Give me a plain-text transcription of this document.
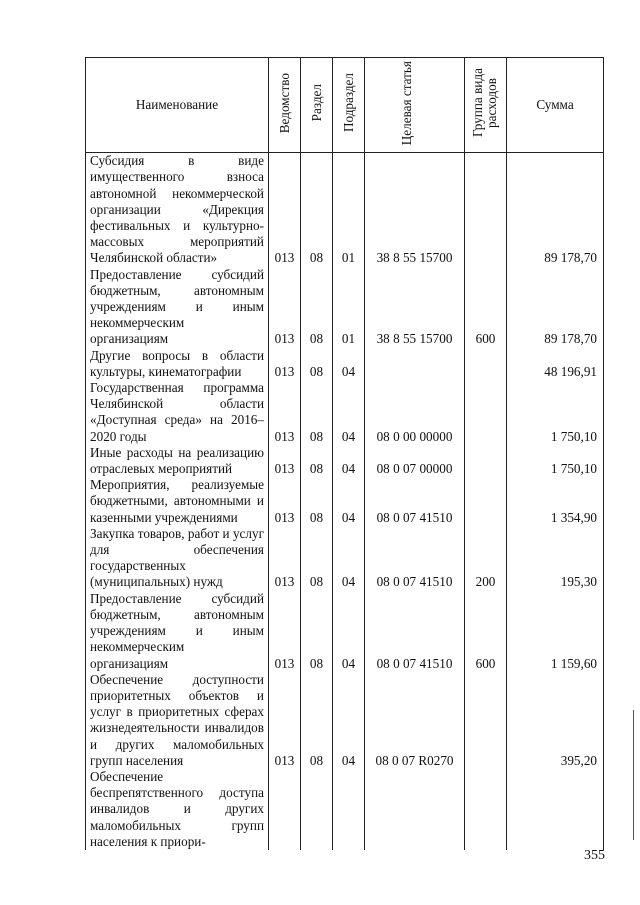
Наименование	Ведомство	Раздел	Подраздел	Целевая статья	Группа вида расходов	Сумма
Субсидия в виде имущественного взноса автономной некоммерческой организации «Дирекция фестивальных и культурно-массовых мероприятий Челябинской области»	013	08	01	38 8 55 15700		89 178,70
Предоставление субсидий бюджетным, автономным учреждениям и иным некоммерческим организациям	013	08	01	38 8 55 15700	600	89 178,70
Другие вопросы в области культуры, кинематографии	013	08	04			48 196,91
Государственная программа Челябинской области «Доступная среда» на 2016–2020 годы	013	08	04	08 0 00 00000		1 750,10
Иные расходы на реализацию отраслевых мероприятий	013	08	04	08 0 07 00000		1 750,10
Мероприятия, реализуемые бюджетными, автономными и казенными учреждениями	013	08	04	08 0 07 41510		1 354,90
Закупка товаров, работ и услуг для обеспечения государственных (муниципальных) нужд	013	08	04	08 0 07 41510	200	195,30
Предоставление субсидий бюджетным, автономным учреждениям и иным некоммерческим организациям	013	08	04	08 0 07 41510	600	1 159,60
Обеспечение доступности приоритетных объектов и услуг в приоритетных сферах жизнедеятельности инвалидов и других маломобильных групп населения	013	08	04	08 0 07 R0270		395,20
Обеспечение беспрепятственного доступа инвалидов и других маломобильных групп населения к приори-						
355
